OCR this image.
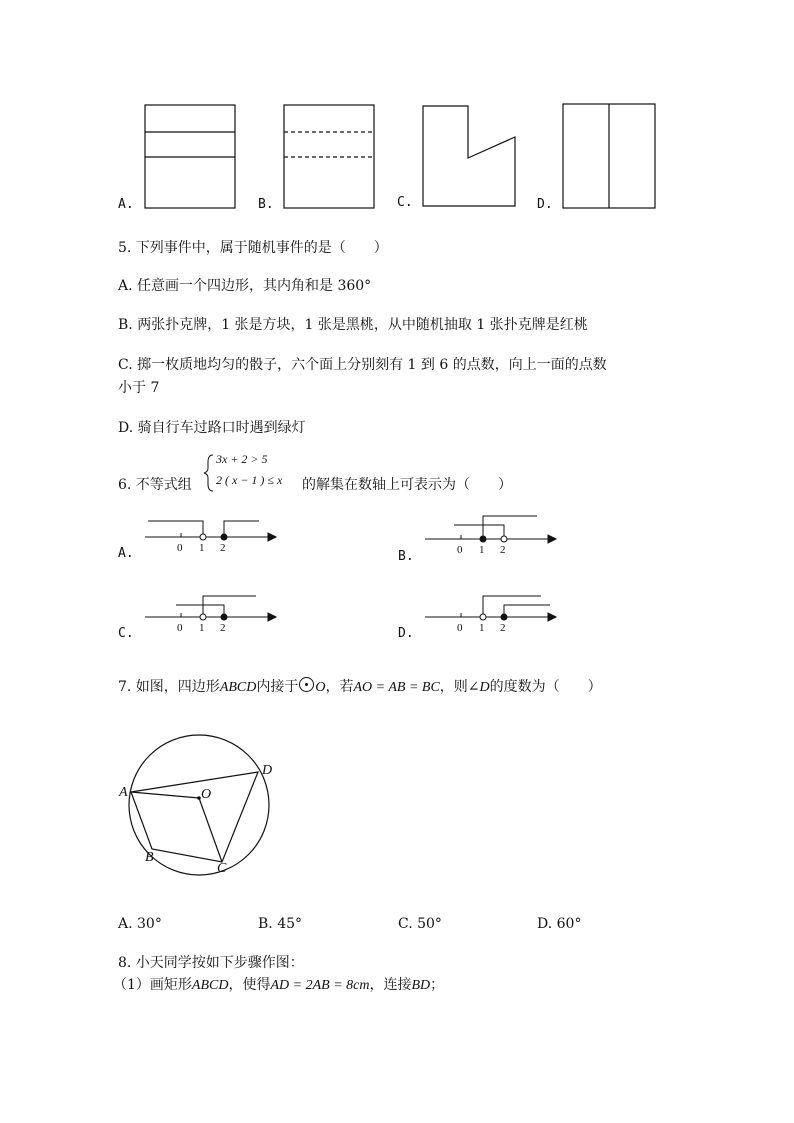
A.	B.	C.	D.
5. 下列事件中，属于随机事件的是（　　）
A. 任意画一个四边形，其内角和是 360°
B. 两张扑克牌，1 张是方块，1 张是黑桃，从中随机抽取 1 张扑克牌是红桃
C. 掷一枚质地均匀的骰子，六个面上分别刻有 1 到 6 的点数，向上一面的点数
小于 7
D. 骑自行车过路口时遇到绿灯
6. 不等式组
3x + 2 > 5
2 ( x − 1 ) ≤ x 的解集在数轴上可表示为（　　）
0 1 2	0 1 2
0 1 2	0 1 2
A.	B.
C.	D.
7. 如图，四边形ABCD内接于 O，若AO = AB = BC，则∠D的度数为（　　）
A
B
C
D
O
A. 30°	B. 45°	C. 50°	D. 60°
8. 小天同学按如下步骤作图：
（1）画矩形ABCD，使得AD = 2AB = 8cm，连接BD；
